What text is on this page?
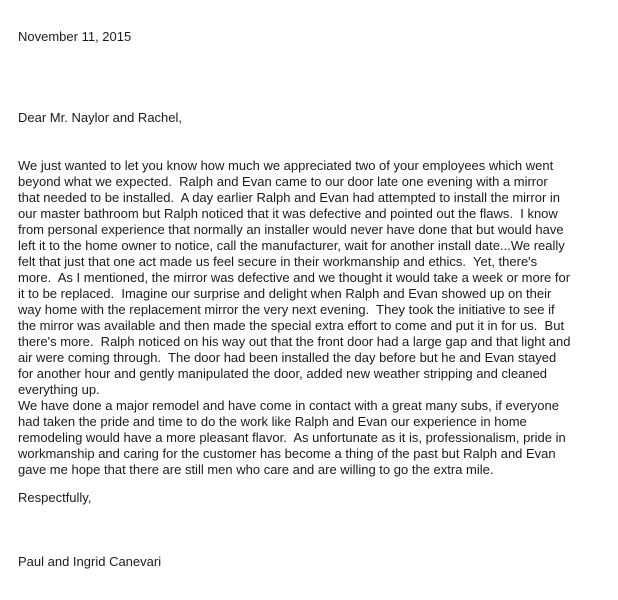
November 11, 2015
Dear Mr. Naylor and Rachel,
We just wanted to let you know how much we appreciated two of your employees which went
beyond what we expected.  Ralph and Evan came to our door late one evening with a mirror
that needed to be installed.  A day earlier Ralph and Evan had attempted to install the mirror in
our master bathroom but Ralph noticed that it was defective and pointed out the flaws.  I know
from personal experience that normally an installer would never have done that but would have
left it to the home owner to notice, call the manufacturer, wait for another install date...We really
felt that just that one act made us feel secure in their workmanship and ethics.  Yet, there's
more.  As I mentioned, the mirror was defective and we thought it would take a week or more for
it to be replaced.  Imagine our surprise and delight when Ralph and Evan showed up on their
way home with the replacement mirror the very next evening.  They took the initiative to see if
the mirror was available and then made the special extra effort to come and put it in for us.  But
there's more.  Ralph noticed on his way out that the front door had a large gap and that light and
air were coming through.  The door had been installed the day before but he and Evan stayed
for another hour and gently manipulated the door, added new weather stripping and cleaned
everything up.
We have done a major remodel and have come in contact with a great many subs, if everyone
had taken the pride and time to do the work like Ralph and Evan our experience in home
remodeling would have a more pleasant flavor.  As unfortunate as it is, professionalism, pride in
workmanship and caring for the customer has become a thing of the past but Ralph and Evan
gave me hope that there are still men who care and are willing to go the extra mile.
Respectfully,
Paul and Ingrid Canevari
